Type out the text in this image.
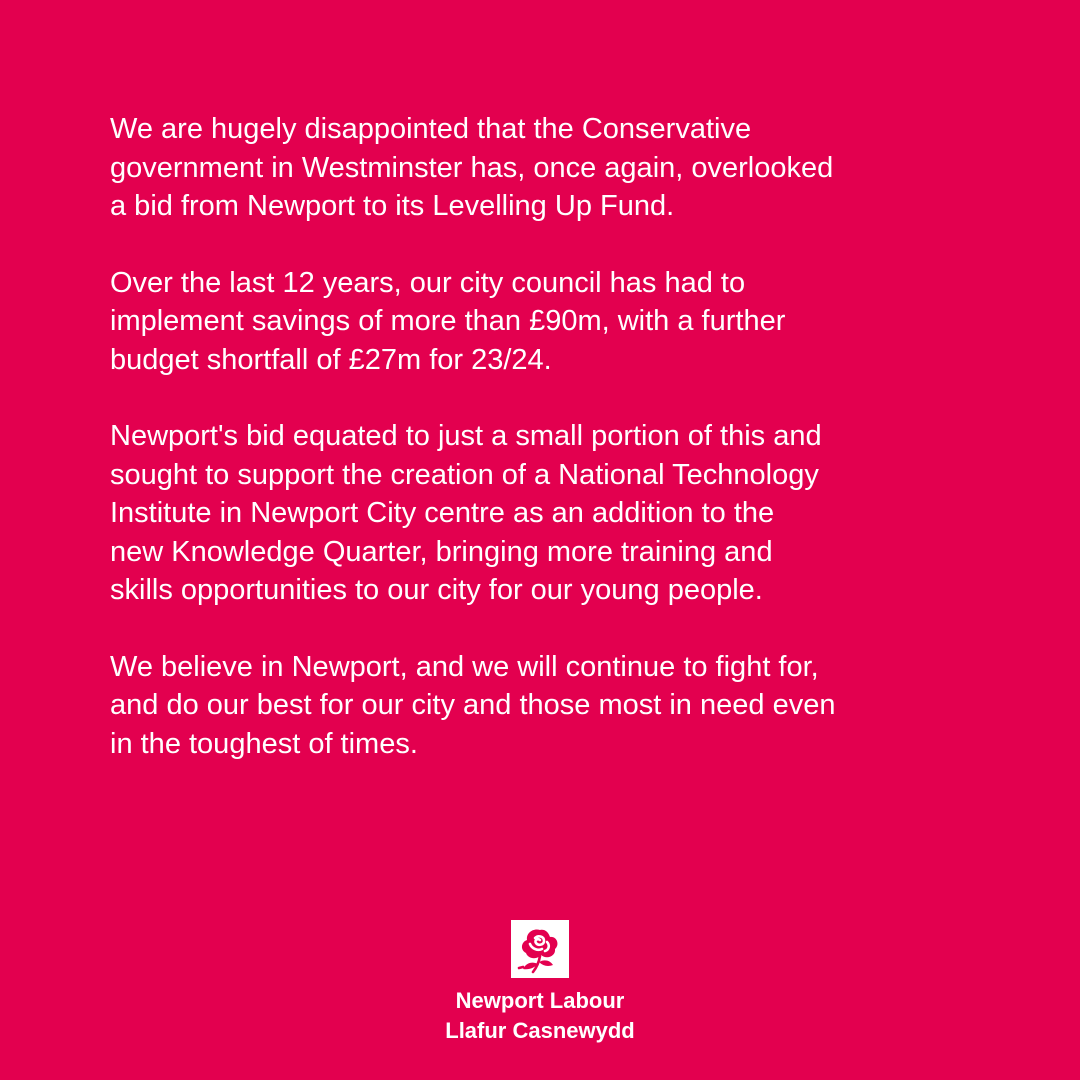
We are hugely disappointed that the Conservative
government in Westminster has, once again, overlooked
a bid from Newport to its Levelling Up Fund.

Over the last 12 years, our city council has had to
implement savings of more than £90m, with a further
budget shortfall of £27m for 23/24.

Newport's bid equated to just a small portion of this and
sought to support the creation of a National Technology
Institute in Newport City centre as an addition to the
new Knowledge Quarter, bringing more training and
skills opportunities to our city for our young people.

We believe in Newport, and we will continue to fight for,
and do our best for our city and those most in need even
in the toughest of times.

Newport Labour
Llafur Casnewydd
